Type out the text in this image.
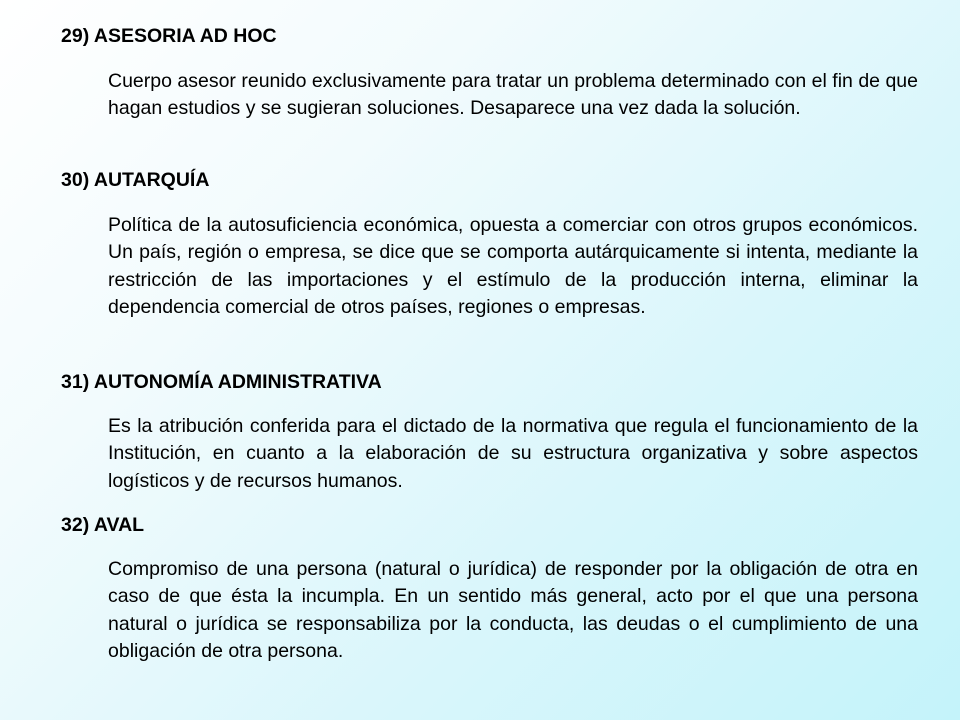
29) ASESORIA AD HOC

Cuerpo asesor reunido exclusivamente para tratar un problema determinado con el fin de que hagan estudios y se sugieran soluciones. Desaparece una vez dada la solución.

30) AUTARQUÍA

Política de la autosuficiencia económica, opuesta a comerciar con otros grupos económicos. Un país, región o empresa, se dice que se comporta autárquicamente si intenta, mediante la restricción de las importaciones y el estímulo de la producción interna, eliminar la dependencia comercial de otros países, regiones o empresas.

31) AUTONOMÍA ADMINISTRATIVA

Es la atribución conferida para el dictado de la normativa que regula el funcionamiento de la Institución, en cuanto a la elaboración de su estructura organizativa y sobre aspectos logísticos y de recursos humanos.

32) AVAL

Compromiso de una persona (natural o jurídica) de responder por la obligación de otra en caso de que ésta la incumpla. En un sentido más general, acto por el que una persona natural o jurídica se responsabiliza por la conducta, las deudas o el cumplimiento de una obligación de otra persona.
